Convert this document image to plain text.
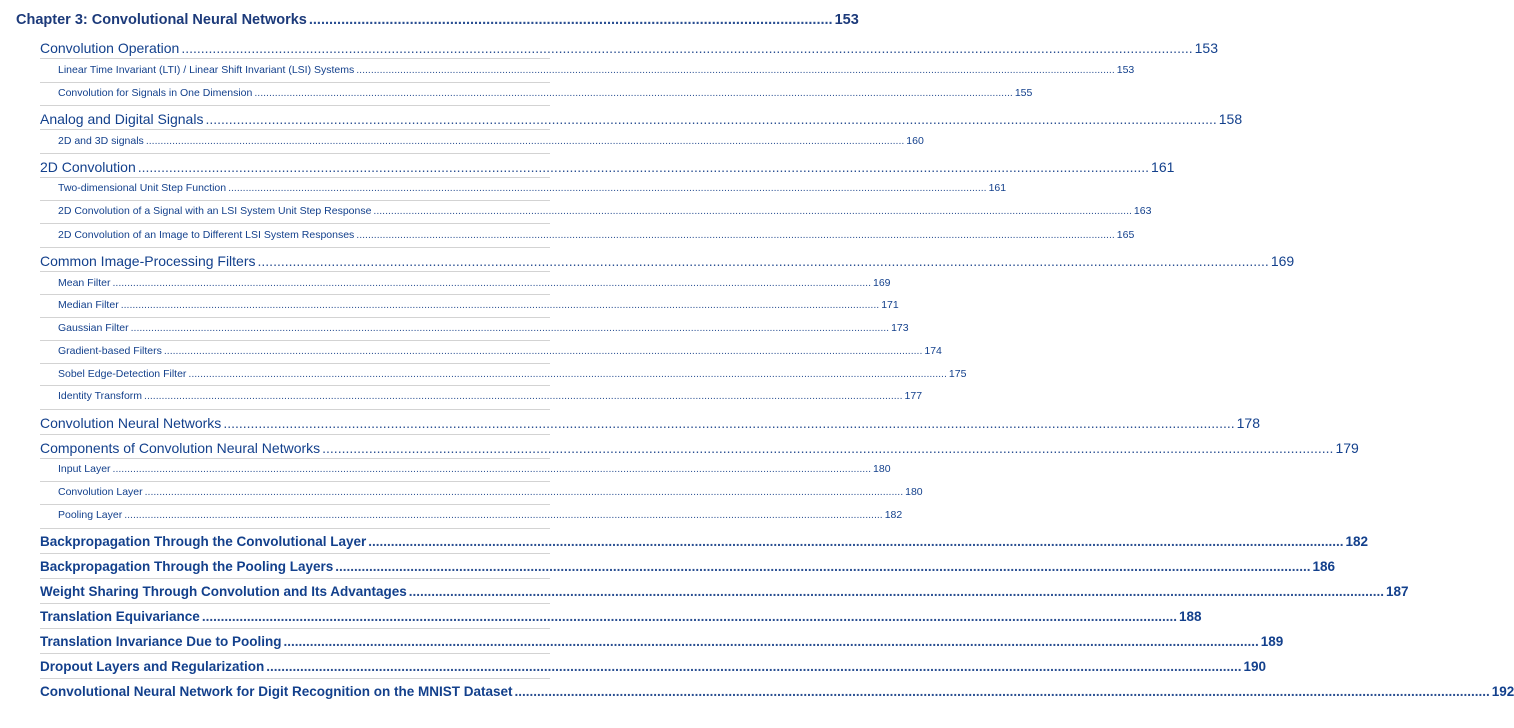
Chapter 3: Convolutional Neural Networks .................................................................................................................................. 153
Convolution Operation .................................................................................................................................................................................................................................................................... 153
Linear Time Invariant (LTI) / Linear Shift Invariant (LSI) Systems .................................................................................................................................................................................................................................................................... 153
Convolution for Signals in One Dimension .................................................................................................................................................................................................................................................................... 155
Analog and Digital Signals .................................................................................................................................................................................................................................................................... 158
2D and 3D signals .................................................................................................................................................................................................................................................................... 160
2D Convolution .................................................................................................................................................................................................................................................................... 161
Two-dimensional Unit Step Function .................................................................................................................................................................................................................................................................... 161
2D Convolution of a Signal with an LSI System Unit Step Response .................................................................................................................................................................................................................................................................... 163
2D Convolution of an Image to Different LSI System Responses .................................................................................................................................................................................................................................................................... 165
Common Image-Processing Filters .................................................................................................................................................................................................................................................................... 169
Mean Filter .................................................................................................................................................................................................................................................................... 169
Median Filter .................................................................................................................................................................................................................................................................... 171
Gaussian Filter .................................................................................................................................................................................................................................................................... 173
Gradient-based Filters .................................................................................................................................................................................................................................................................... 174
Sobel Edge-Detection Filter .................................................................................................................................................................................................................................................................... 175
Identity Transform .................................................................................................................................................................................................................................................................... 177
Convolution Neural Networks .................................................................................................................................................................................................................................................................... 178
Components of Convolution Neural Networks .................................................................................................................................................................................................................................................................... 179
Input Layer .................................................................................................................................................................................................................................................................... 180
Convolution Layer .................................................................................................................................................................................................................................................................... 180
Pooling Layer .................................................................................................................................................................................................................................................................... 182
Backpropagation Through the Convolutional Layer .................................................................................................................................................................................................................................................................... 182
Backpropagation Through the Pooling Layers .................................................................................................................................................................................................................................................................... 186
Weight Sharing Through Convolution and Its Advantages .................................................................................................................................................................................................................................................................... 187
Translation Equivariance .................................................................................................................................................................................................................................................................... 188
Translation Invariance Due to Pooling .................................................................................................................................................................................................................................................................... 189
Dropout Layers and Regularization .................................................................................................................................................................................................................................................................... 190
Convolutional Neural Network for Digit Recognition on the MNIST Dataset .................................................................................................................................................................................................................................................................... 192
